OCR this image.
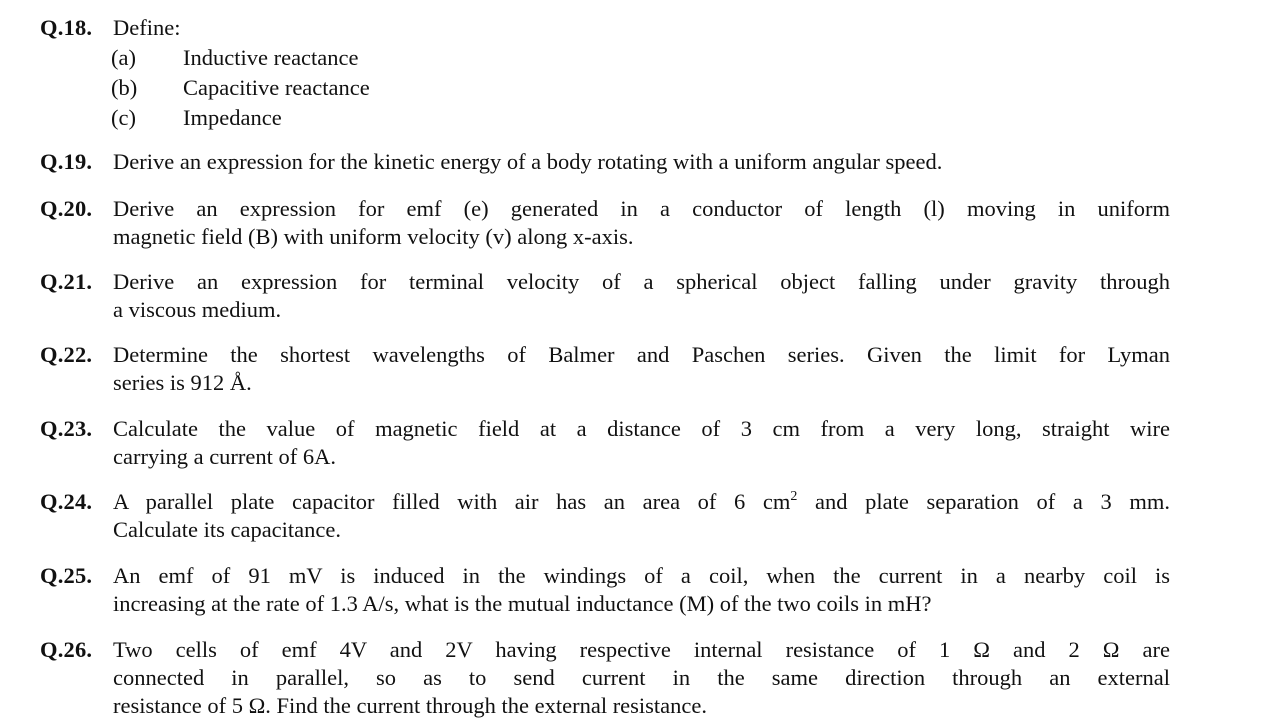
Q.18. Define:
(a) Inductive reactance
(b) Capacitive reactance
(c) Impedance
Q.19. Derive an expression for the kinetic energy of a body rotating with a uniform angular speed.
Q.20. Derive an expression for emf (e) generated in a conductor of length (l) moving in uniform
magnetic field (B) with uniform velocity (v) along x-axis.
Q.21. Derive an expression for terminal velocity of a spherical object falling under gravity through
a viscous medium.
Q.22. Determine the shortest wavelengths of Balmer and Paschen series. Given the limit for Lyman
series is 912 Å.
Q.23. Calculate the value of magnetic field at a distance of 3 cm from a very long, straight wire
carrying a current of 6A.
Q.24. A parallel plate capacitor filled with air has an area of 6 $cm^2$ and plate separation of a 3 mm.
Calculate its capacitance.
Q.25. An emf of 91 mV is induced in the windings of a coil, when the current in a nearby coil is
increasing at the rate of 1.3 A/s, what is the mutual inductance (M) of the two coils in mH?
Q.26. Two cells of emf 4V and 2V having respective internal resistance of 1 Ω and 2 Ω are
connected in parallel, so as to send current in the same direction through an external
resistance of 5 Ω. Find the current through the external resistance.
